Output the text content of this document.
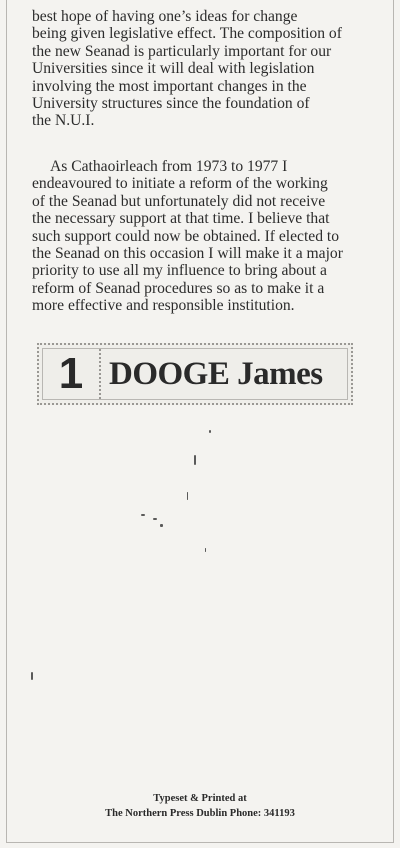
best hope of having one’s ideas for change
being given legislative effect. The composition of
the new Seanad is particularly important for our
Universities since it will deal with legislation
involving the most important changes in the
University structures since the foundation of
the N.U.I.

As Cathaoirleach from 1973 to 1977 I
endeavoured to initiate a reform of the working
of the Seanad but unfortunately did not receive
the necessary support at that time. I believe that
such support could now be obtained. If elected to
the Seanad on this occasion I will make it a major
priority to use all my influence to bring about a
reform of Seanad procedures so as to make it a
more effective and responsible institution.

1 DOOGE James
Typeset & Printed at
The Northern Press Dublin Phone: 341193
